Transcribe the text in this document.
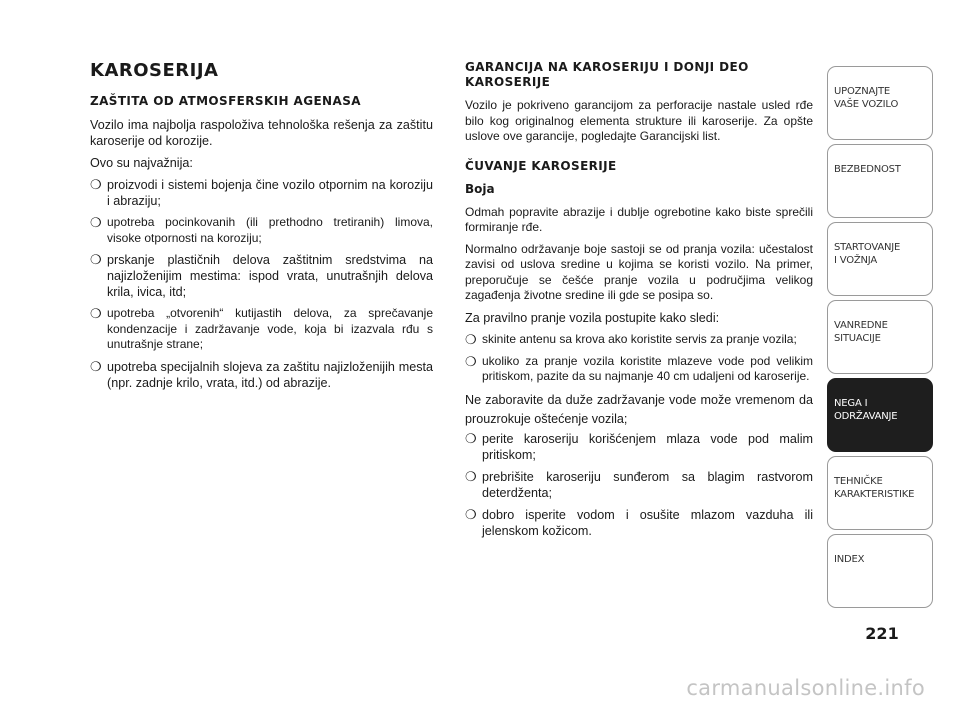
KAROSERIJA
ZAŠTITA OD ATMOSFERSKIH AGENASA
Vozilo ima najbolja raspoloživa tehnološka rešenja za zaštitu karoserije od korozije.
Ovo su najvažnija:
❍ proizvodi i sistemi bojenja čine vozilo otpornim na koroziju i abraziju;
❍ upotreba pocinkovanih (ili prethodno tretiranih) limova, visoke otpornosti na koroziju;
❍ prskanje plastičnih delova zaštitnim sredstvima na najizloženijim mestima: ispod vrata, unutrašnjih delova krila, ivica, itd;
❍ upotreba „otvorenih“ kutijastih delova, za sprečavanje kondenzacije i zadržavanje vode, koja bi izazvala rđu s unutrašnje strane;
❍ upotreba specijalnih slojeva za zaštitu najizloženijih mesta (npr. zadnje krilo, vrata, itd.) od abrazije.
GARANCIJA NA KAROSERIJU I DONJI DEO KAROSERIJE
Vozilo je pokriveno garancijom za perforacije nastale usled rđe bilo kog originalnog elementa strukture ili karoserije. Za opšte uslove ove garancije, pogledajte Garancijski list.
ČUVANJE KAROSERIJE
Boja
Odmah popravite abrazije i dublje ogrebotine kako biste sprečili formiranje rđe.
Normalno održavanje boje sastoji se od pranja vozila: učestalost zavisi od uslova sredine u kojima se koristi vozilo. Na primer, preporučuje se češće pranje vozila u područjima velikog zagađenja životne sredine ili gde se posipa so.
Za pravilno pranje vozila postupite kako sledi:
❍ skinite antenu sa krova ako koristite servis za pranje vozila;
❍ ukoliko za pranje vozila koristite mlazeve vode pod velikim pritiskom, pazite da su najmanje 40 cm udaljeni od karoserije.
Ne zaboravite da duže zadržavanje vode može vremenom da prouzrokuje oštećenje vozila;
❍ perite karoseriju korišćenjem mlaza vode pod malim pritiskom;
❍ prebrišite karoseriju sunđerom sa blagim rastvorom deterdženta;
❍ dobro isperite vodom i osušite mlazom vazduha ili jelenskom kožicom.
UPOZNAJTE
VAŠE VOZILO
BEZBEDNOST
STARTOVANJE
I VOŽNJA
VANREDNE
SITUACIJE
NEGA I
ODRŽAVANJE
TEHNIČKE
KARAKTERISTIKE
INDEX
221
carmanualsonline.info
